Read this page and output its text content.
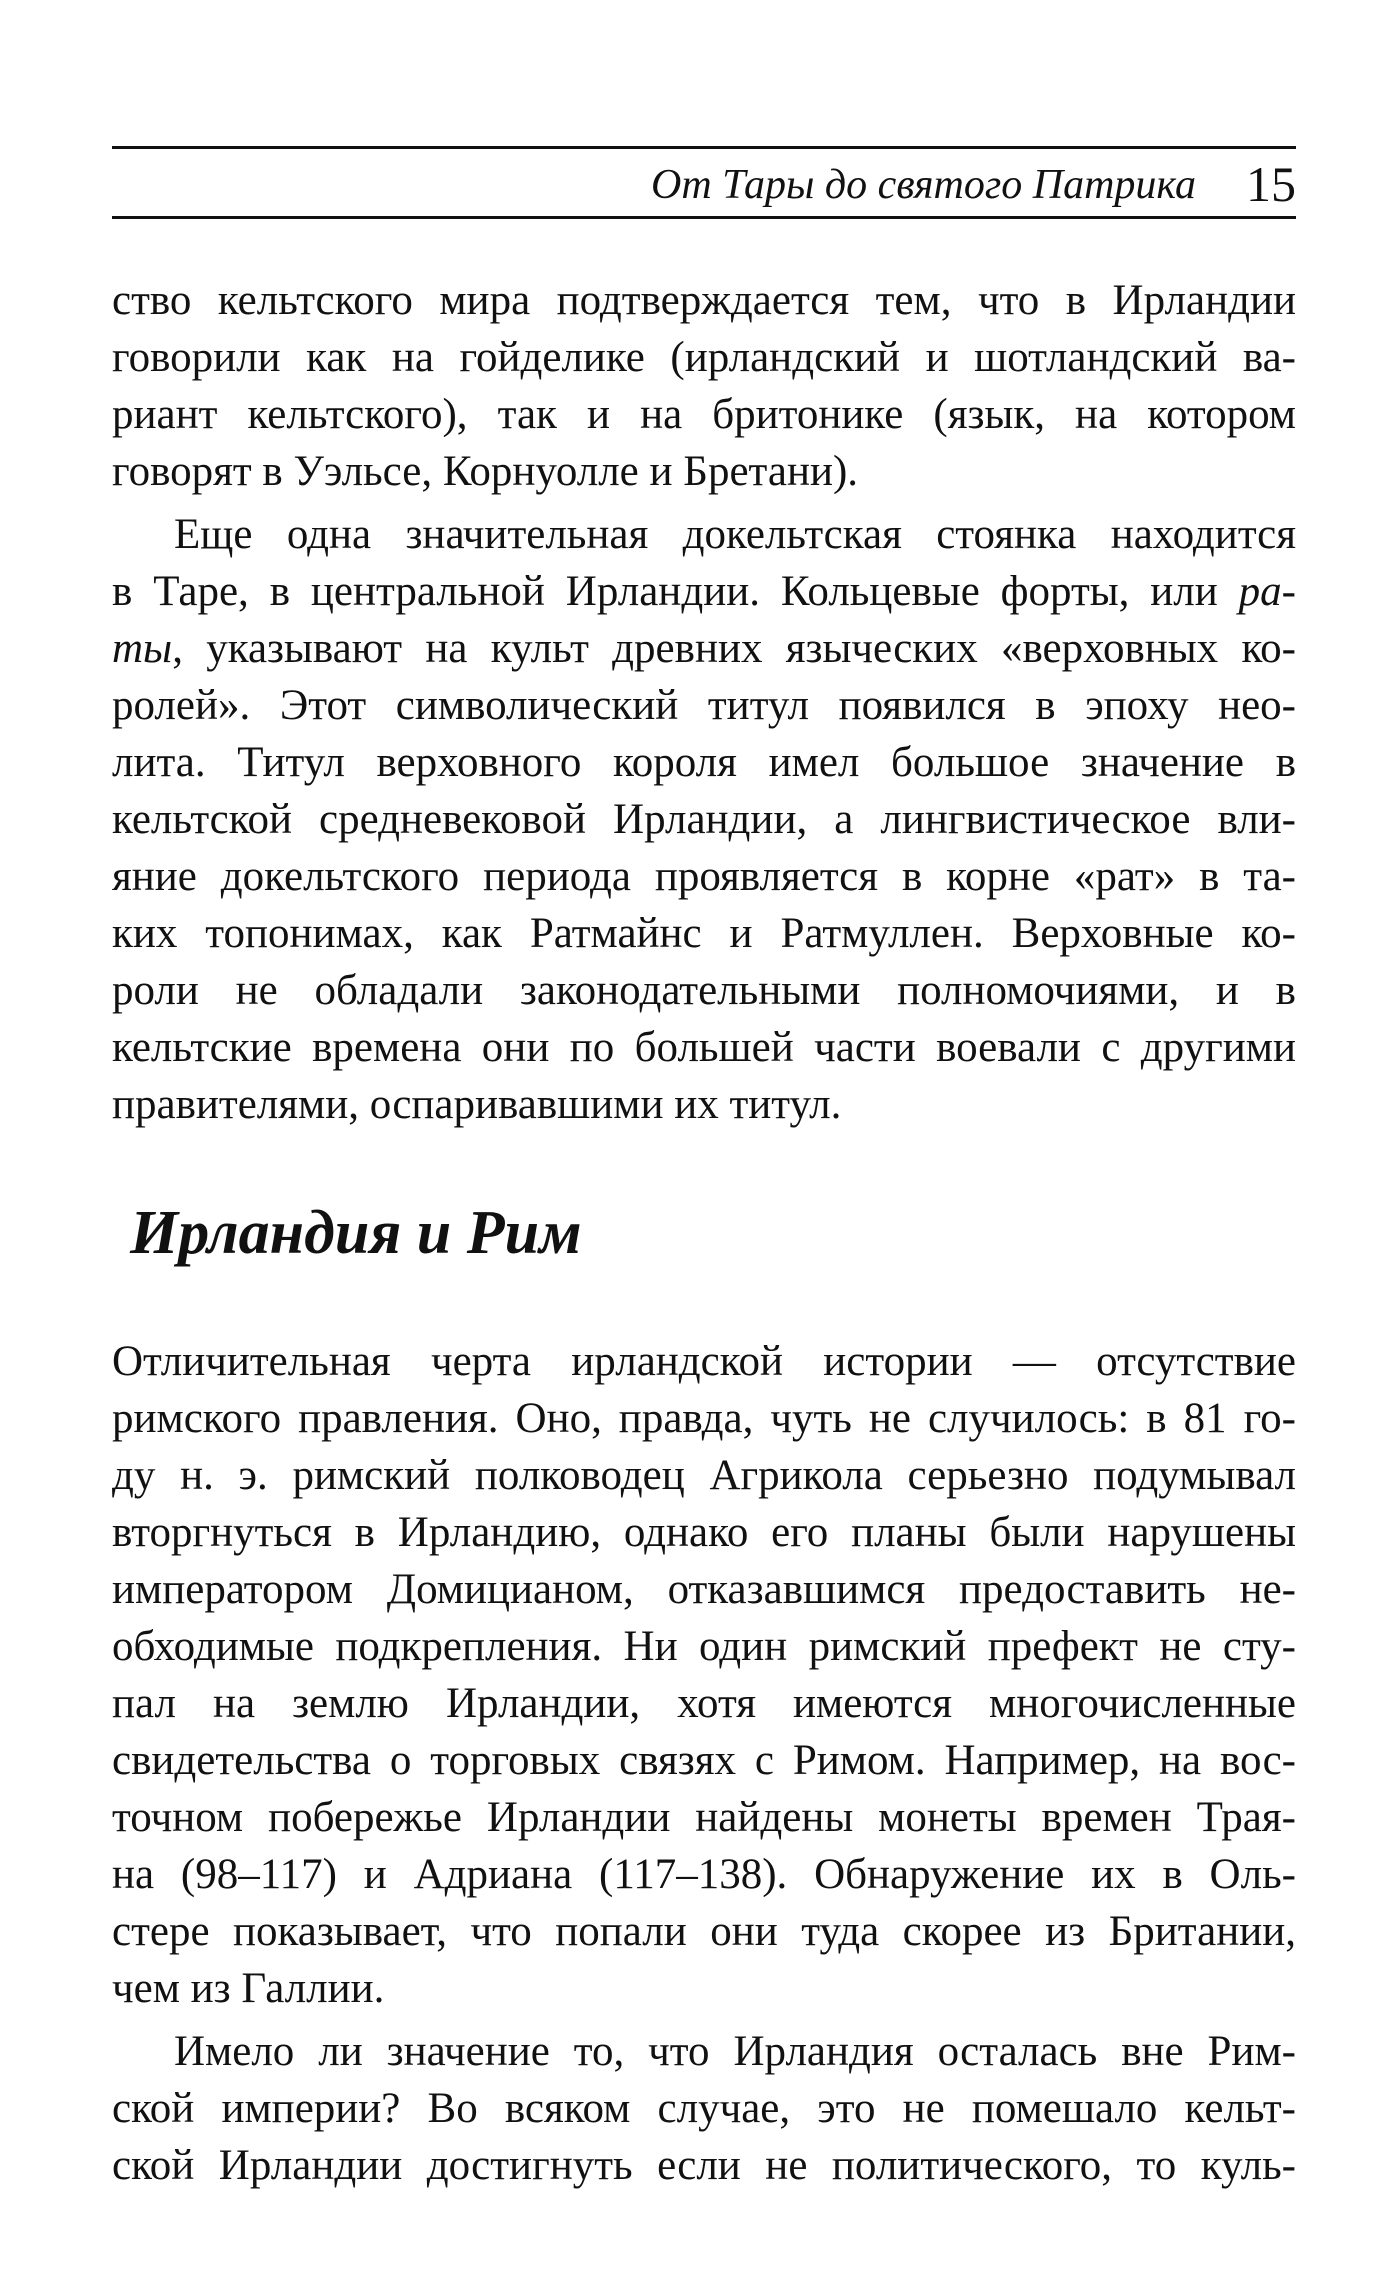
От Тары до святого Патрика 15
ство кельтского мира подтверждается тем, что в Ирландии
говорили как на гойделике (ирландский и шотландский ва-
риант кельтского), так и на бритонике (язык, на котором
говорят в Уэльсе, Корнуолле и Бретани).
Еще одна значительная докельтская стоянка находится
в Таре, в центральной Ирландии. Кольцевые форты, или ра-
ты, указывают на культ древних языческих «верховных ко-
ролей». Этот символический титул появился в эпоху нео-
лита. Титул верховного короля имел большое значение в
кельтской средневековой Ирландии, а лингвистическое вли-
яние докельтского периода проявляется в корне «рат» в та-
ких топонимах, как Ратмайнс и Ратмуллен. Верховные ко-
роли не обладали законодательными полномочиями, и в
кельтские времена они по большей части воевали с другими
правителями, оспаривавшими их титул.
Ирландия и Рим
Отличительная черта ирландской истории — отсутствие
римского правления. Оно, правда, чуть не случилось: в 81 го-
ду н. э. римский полководец Агрикола серьезно подумывал
вторгнуться в Ирландию, однако его планы были нарушены
императором Домицианом, отказавшимся предоставить не-
обходимые подкрепления. Ни один римский префект не сту-
пал на землю Ирландии, хотя имеются многочисленные
свидетельства о торговых связях с Римом. Например, на вос-
точном побережье Ирландии найдены монеты времен Трая-
на (98–117) и Адриана (117–138). Обнаружение их в Оль-
стере показывает, что попали они туда скорее из Британии,
чем из Галлии.
Имело ли значение то, что Ирландия осталась вне Рим-
ской империи? Во всяком случае, это не помешало кельт-
ской Ирландии достигнуть если не политического, то куль-
